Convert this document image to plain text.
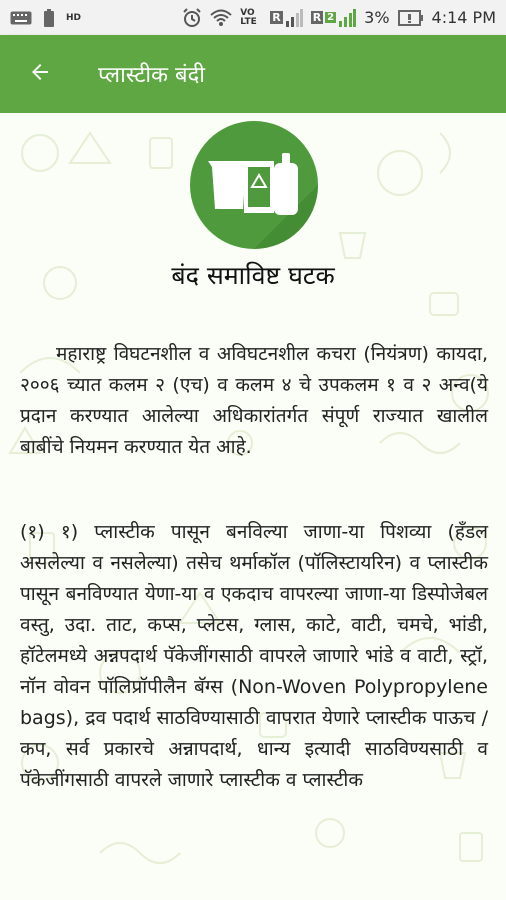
HD	VO LTE	R	R 2 3%	4:14 PM
प्लास्टीक बंदी
बंद समाविष्ट घटक

महाराष्ट्र विघटनशील व अविघटनशील कचरा (नियंत्रण) कायदा, २००६ च्यात कलम २ (एच) व कलम ४ चे उपकलम १ व २ अन्व(ये प्रदान करण्यात आलेल्या अधिकारांतर्गत संपूर्ण राज्यात खालील बाबींचे नियमन करण्यात येत आहे.

(१) १) प्लास्टीक पासून बनविल्या जाणा-या पिशव्या (हँडल असलेल्या व नसलेल्या) तसेच थर्माकॉल (पॉलिस्टायरिन) व प्लास्टीक पासून बनविण्यात येणा-या व एकदाच वापरल्या जाणा-या डिस्पोजेबल वस्तु, उदा. ताट, कप्स, प्लेटस, ग्लास, काटे, वाटी, चमचे, भांडी, हॉटेलमध्ये अन्नपदार्थ पॅकेजींगसाठी वापरले जाणारे भांडे व वाटी, स्ट्रॉ, नॉन वोवन पॉलिप्रॉपीलैन बॅग्स (Non-Woven Polypropylene bags), द्रव पदार्थ साठविण्यासाठी वापरात येणारे प्लास्टीक पाऊच / कप, सर्व प्रकारचे अन्नापदार्थ, धान्य इत्यादी साठविण्यसाठी व पॅकेजींगसाठी वापरले जाणारे प्लास्टीक व प्लास्टीक
